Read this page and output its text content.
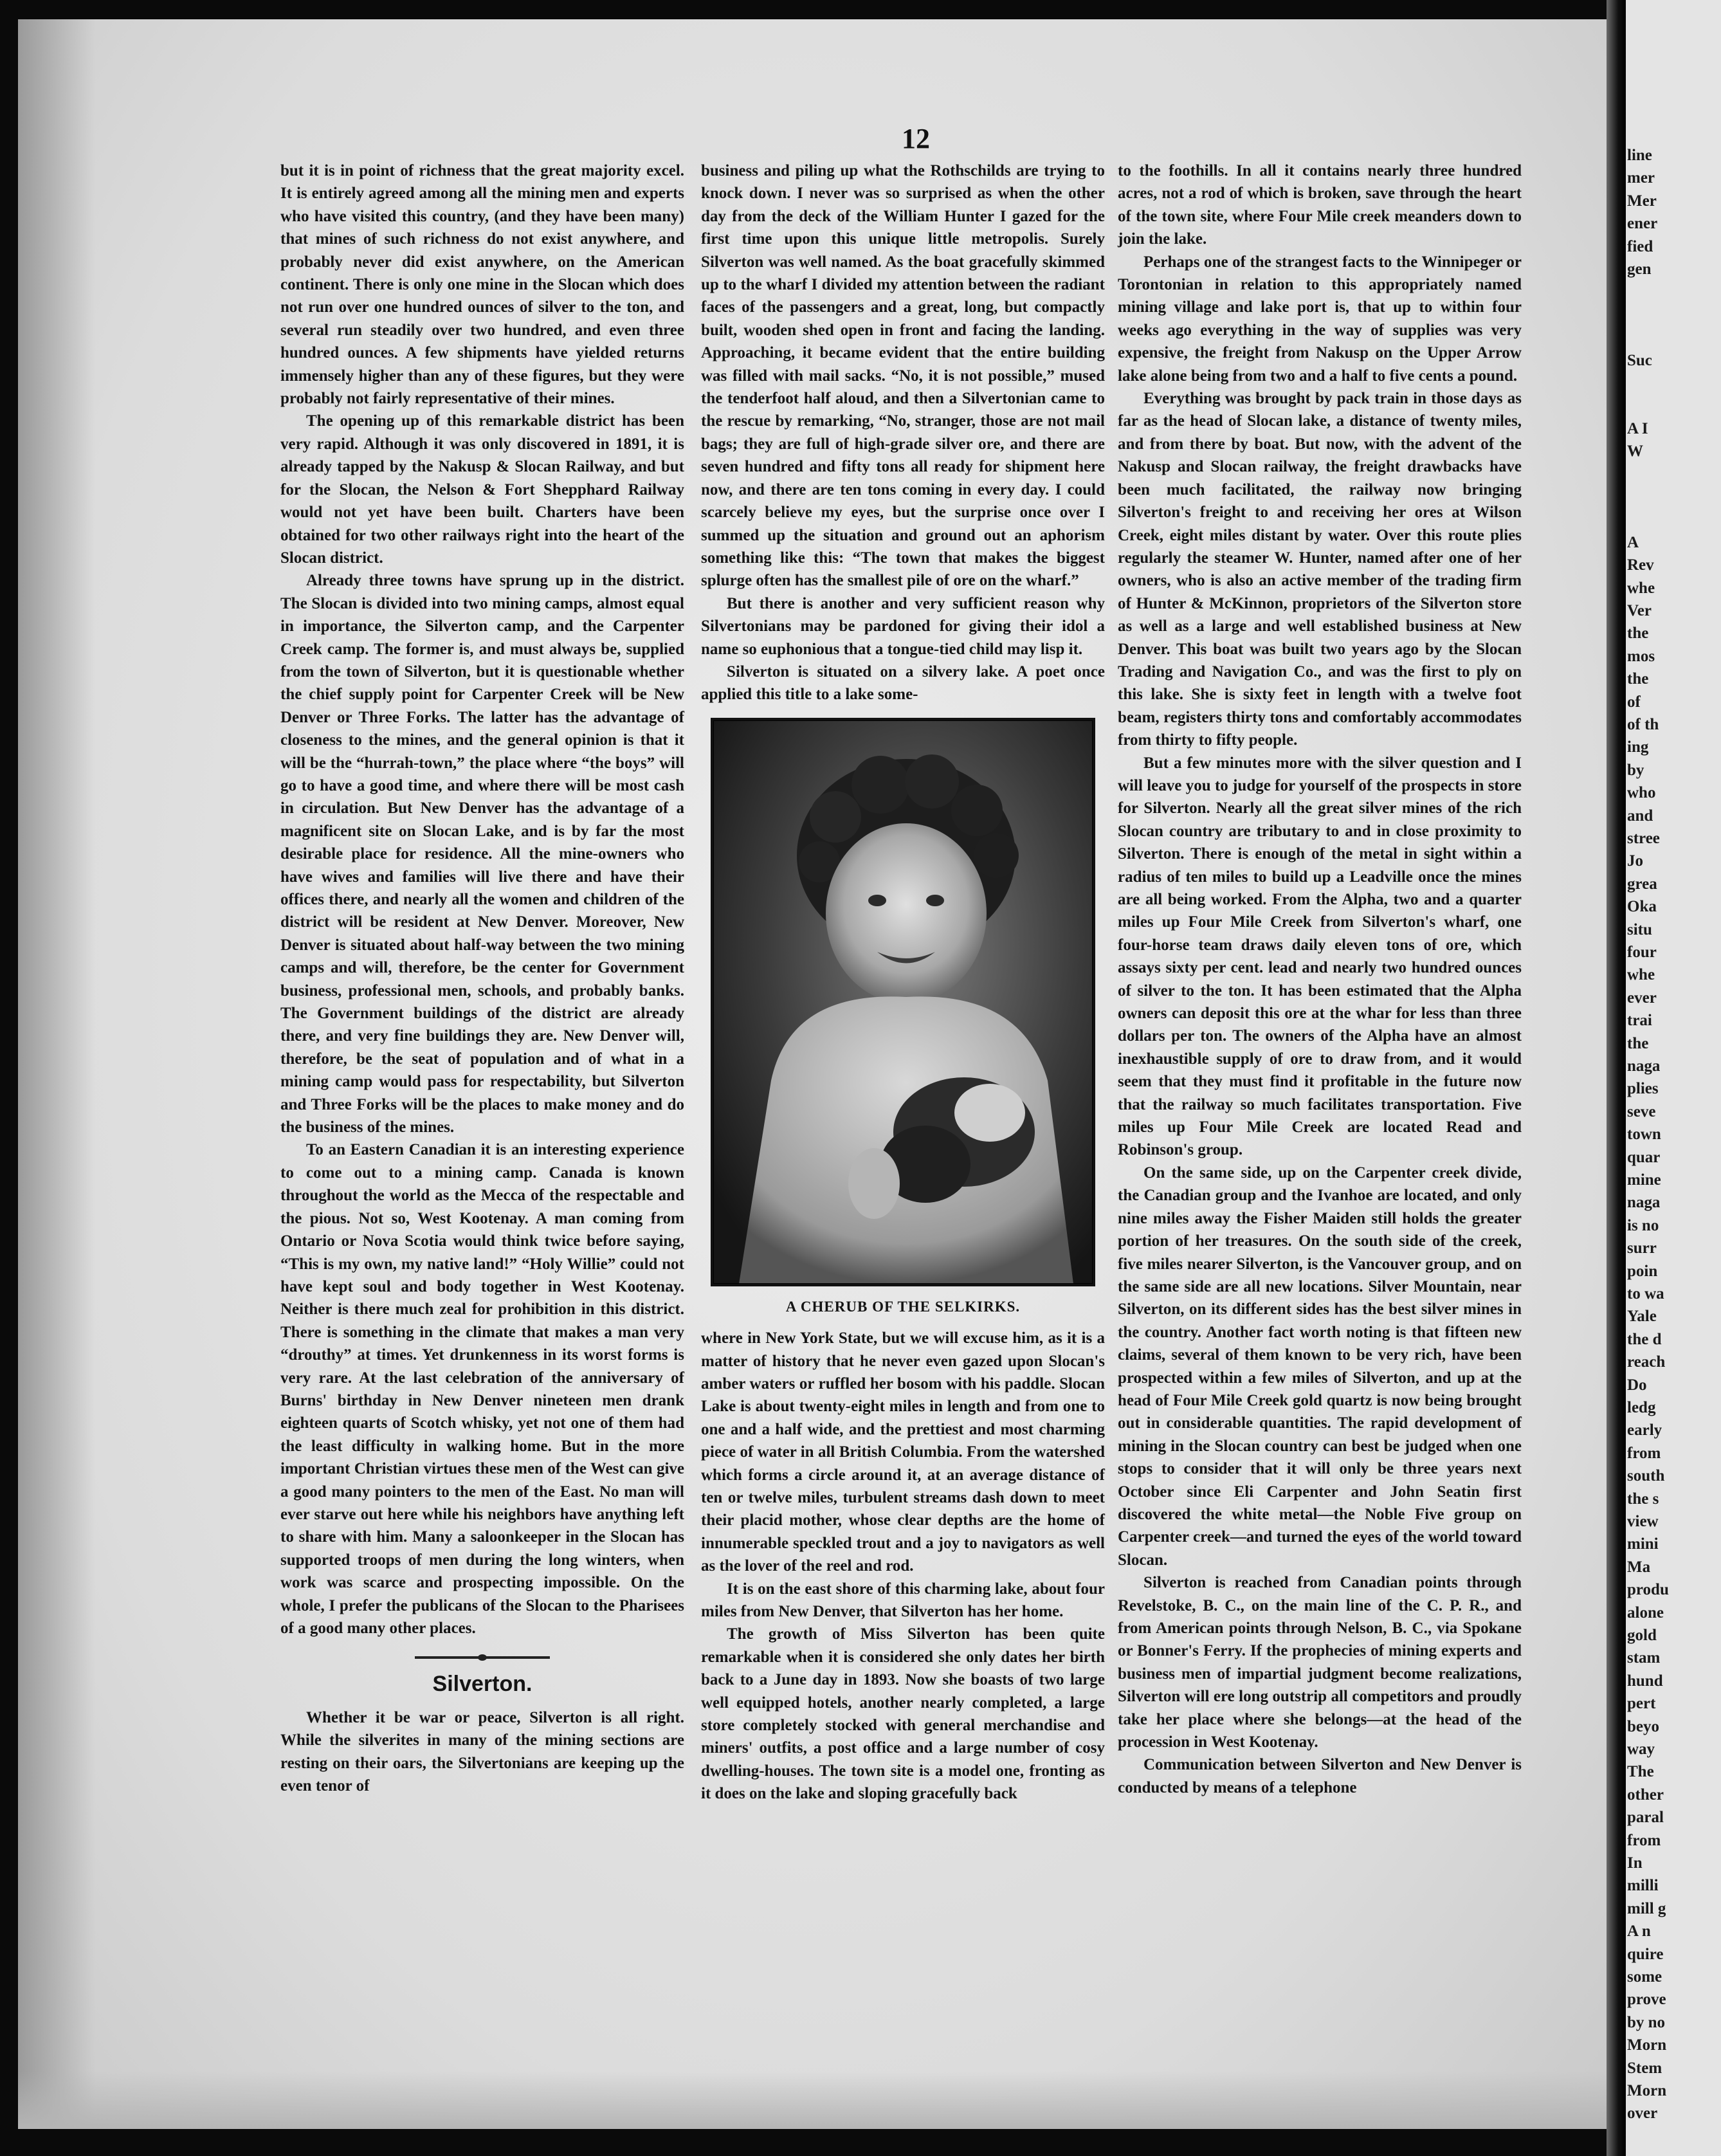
12

but it is in point of richness that the great majority excel. It is entirely agreed among all the mining men and experts who have visited this country, (and they have been many) that mines of such richness do not exist anywhere, and probably never did exist anywhere, on the American continent. There is only one mine in the Slocan which does not run over one hundred ounces of silver to the ton, and several run steadily over two hundred, and even three hundred ounces. A few shipments have yielded returns immensely higher than any of these figures, but they were probably not fairly representative of their mines.

The opening up of this remarkable district has been very rapid. Although it was only discovered in 1891, it is already tapped by the Nakusp & Slocan Railway, and but for the Slocan, the Nelson & Fort Shepphard Railway would not yet have been built. Charters have been obtained for two other railways right into the heart of the Slocan district.

Already three towns have sprung up in the district. The Slocan is divided into two mining camps, almost equal in importance, the Silverton camp, and the Carpenter Creek camp. The former is, and must always be, supplied from the town of Silverton, but it is questionable whether the chief supply point for Carpenter Creek will be New Denver or Three Forks. The latter has the advantage of closeness to the mines, and the general opinion is that it will be the “hurrah-town,” the place where “the boys” will go to have a good time, and where there will be most cash in circulation. But New Denver has the advantage of a magnificent site on Slocan Lake, and is by far the most desirable place for residence. All the mine-owners who have wives and families will live there and have their offices there, and nearly all the women and children of the district will be resident at New Denver. Moreover, New Denver is situated about half-way between the two mining camps and will, therefore, be the center for Government business, professional men, schools, and probably banks. The Government buildings of the district are already there, and very fine buildings they are. New Denver will, therefore, be the seat of population and of what in a mining camp would pass for respectability, but Silverton and Three Forks will be the places to make money and do the business of the mines.

To an Eastern Canadian it is an interesting experience to come out to a mining camp. Canada is known throughout the world as the Mecca of the respectable and the pious. Not so, West Kootenay. A man coming from Ontario or Nova Scotia would think twice before saying, “This is my own, my native land!” “Holy Willie” could not have kept soul and body together in West Kootenay. Neither is there much zeal for prohibition in this district. There is something in the climate that makes a man very “drouthy” at times. Yet drunkenness in its worst forms is very rare. At the last celebration of the anniversary of Burns' birthday in New Denver nineteen men drank eighteen quarts of Scotch whisky, yet not one of them had the least difficulty in walking home. But in the more important Christian virtues these men of the West can give a good many pointers to the men of the East. No man will ever starve out here while his neighbors have anything left to share with him. Many a saloonkeeper in the Slocan has supported troops of men during the long winters, when work was scarce and prospecting impossible. On the whole, I prefer the publicans of the Slocan to the Pharisees of a good many other places.

Silverton.

Whether it be war or peace, Silverton is all right. While the silverites in many of the mining sections are resting on their oars, the Silvertonians are keeping up the even tenor of

business and piling up what the Rothschilds are trying to knock down. I never was so surprised as when the other day from the deck of the William Hunter I gazed for the first time upon this unique little metropolis. Surely Silverton was well named. As the boat gracefully skimmed up to the wharf I divided my attention between the radiant faces of the passengers and a great, long, but compactly built, wooden shed open in front and facing the landing. Approaching, it became evident that the entire building was filled with mail sacks. “No, it is not possible,” mused the tenderfoot half aloud, and then a Silvertonian came to the rescue by remarking, “No, stranger, those are not mail bags; they are full of high-grade silver ore, and there are seven hundred and fifty tons all ready for shipment here now, and there are ten tons coming in every day. I could scarcely believe my eyes, but the surprise once over I summed up the situation and ground out an aphorism something like this: “The town that makes the biggest splurge often has the smallest pile of ore on the wharf.”

But there is another and very sufficient reason why Silvertonians may be pardoned for giving their idol a name so euphonious that a tongue-tied child may lisp it.

Silverton is situated on a silvery lake. A poet once applied this title to a lake some-

A CHERUB OF THE SELKIRKS.

where in New York State, but we will excuse him, as it is a matter of history that he never even gazed upon Slocan's amber waters or ruffled her bosom with his paddle. Slocan Lake is about twenty-eight miles in length and from one to one and a half wide, and the prettiest and most charming piece of water in all British Columbia. From the watershed which forms a circle around it, at an average distance of ten or twelve miles, turbulent streams dash down to meet their placid mother, whose clear depths are the home of innumerable speckled trout and a joy to navigators as well as the lover of the reel and rod.

It is on the east shore of this charming lake, about four miles from New Denver, that Silverton has her home.

The growth of Miss Silverton has been quite remarkable when it is considered she only dates her birth back to a June day in 1893. Now she boasts of two large well equipped hotels, another nearly completed, a large store completely stocked with general merchandise and miners' outfits, a post office and a large number of cosy dwelling-houses. The town site is a model one, fronting as it does on the lake and sloping gracefully back

to the foothills. In all it contains nearly three hundred acres, not a rod of which is broken, save through the heart of the town site, where Four Mile creek meanders down to join the lake.

Perhaps one of the strangest facts to the Winnipeger or Torontonian in relation to this appropriately named mining village and lake port is, that up to within four weeks ago everything in the way of supplies was very expensive, the freight from Nakusp on the Upper Arrow lake alone being from two and a half to five cents a pound.

Everything was brought by pack train in those days as far as the head of Slocan lake, a distance of twenty miles, and from there by boat. But now, with the advent of the Nakusp and Slocan railway, the freight drawbacks have been much facilitated, the railway now bringing Silverton's freight to and receiving her ores at Wilson Creek, eight miles distant by water. Over this route plies regularly the steamer W. Hunter, named after one of her owners, who is also an active member of the trading firm of Hunter & McKinnon, proprietors of the Silverton store as well as a large and well established business at New Denver. This boat was built two years ago by the Slocan Trading and Navigation Co., and was the first to ply on this lake. She is sixty feet in length with a twelve foot beam, registers thirty tons and comfortably accommodates from thirty to fifty people.

But a few minutes more with the silver question and I will leave you to judge for yourself of the prospects in store for Silverton. Nearly all the great silver mines of the rich Slocan country are tributary to and in close proximity to Silverton. There is enough of the metal in sight within a radius of ten miles to build up a Leadville once the mines are all being worked. From the Alpha, two and a quarter miles up Four Mile Creek from Silverton's wharf, one four-horse team draws daily eleven tons of ore, which assays sixty per cent. lead and nearly two hundred ounces of silver to the ton. It has been estimated that the Alpha owners can deposit this ore at the whar for less than three dollars per ton. The owners of the Alpha have an almost inexhaustible supply of ore to draw from, and it would seem that they must find it profitable in the future now that the railway so much facilitates transportation. Five miles up Four Mile Creek are located Read and Robinson's group.

On the same side, up on the Carpenter creek divide, the Canadian group and the Ivanhoe are located, and only nine miles away the Fisher Maiden still holds the greater portion of her treasures. On the south side of the creek, five miles nearer Silverton, is the Vancouver group, and on the same side are all new locations. Silver Mountain, near Silverton, on its different sides has the best silver mines in the country. Another fact worth noting is that fifteen new claims, several of them known to be very rich, have been prospected within a few miles of Silverton, and up at the head of Four Mile Creek gold quartz is now being brought out in considerable quantities. The rapid development of mining in the Slocan country can best be judged when one stops to consider that it will only be three years next October since Eli Carpenter and John Seatin first discovered the white metal—the Noble Five group on Carpenter creek—and turned the eyes of the world toward Slocan.

Silverton is reached from Canadian points through Revelstoke, B. C., on the main line of the C. P. R., and from American points through Nelson, B. C., via Spokane or Bonner's Ferry. If the prophecies of mining experts and business men of impartial judgment become realizations, Silverton will ere long outstrip all competitors and proudly take her place where she belongs—at the head of the procession in West Kootenay.

Communication between Silverton and New Denver is conducted by means of a telephone

line
mer
Mer
ener
fied
gen
Suc
A I
W
A
Rev
whe
Ver
the
mos
the
of
of th
ing
by
who
and
stree
Jo
grea
Oka
situ
four
whe
ever
trai
the
naga
plies
seve
town
quar
mine
naga
is no
surr
poin
to wa
Yale
the d
reach
Do
ledg
early
from
south
the s
view
mini
Ma
produ
alone
gold
stam
hund
pert
beyo
way
The
other
paral
from
In
milli
mill g
A n
quire
some
prove
by no
Morn
Stem
Morn
over
